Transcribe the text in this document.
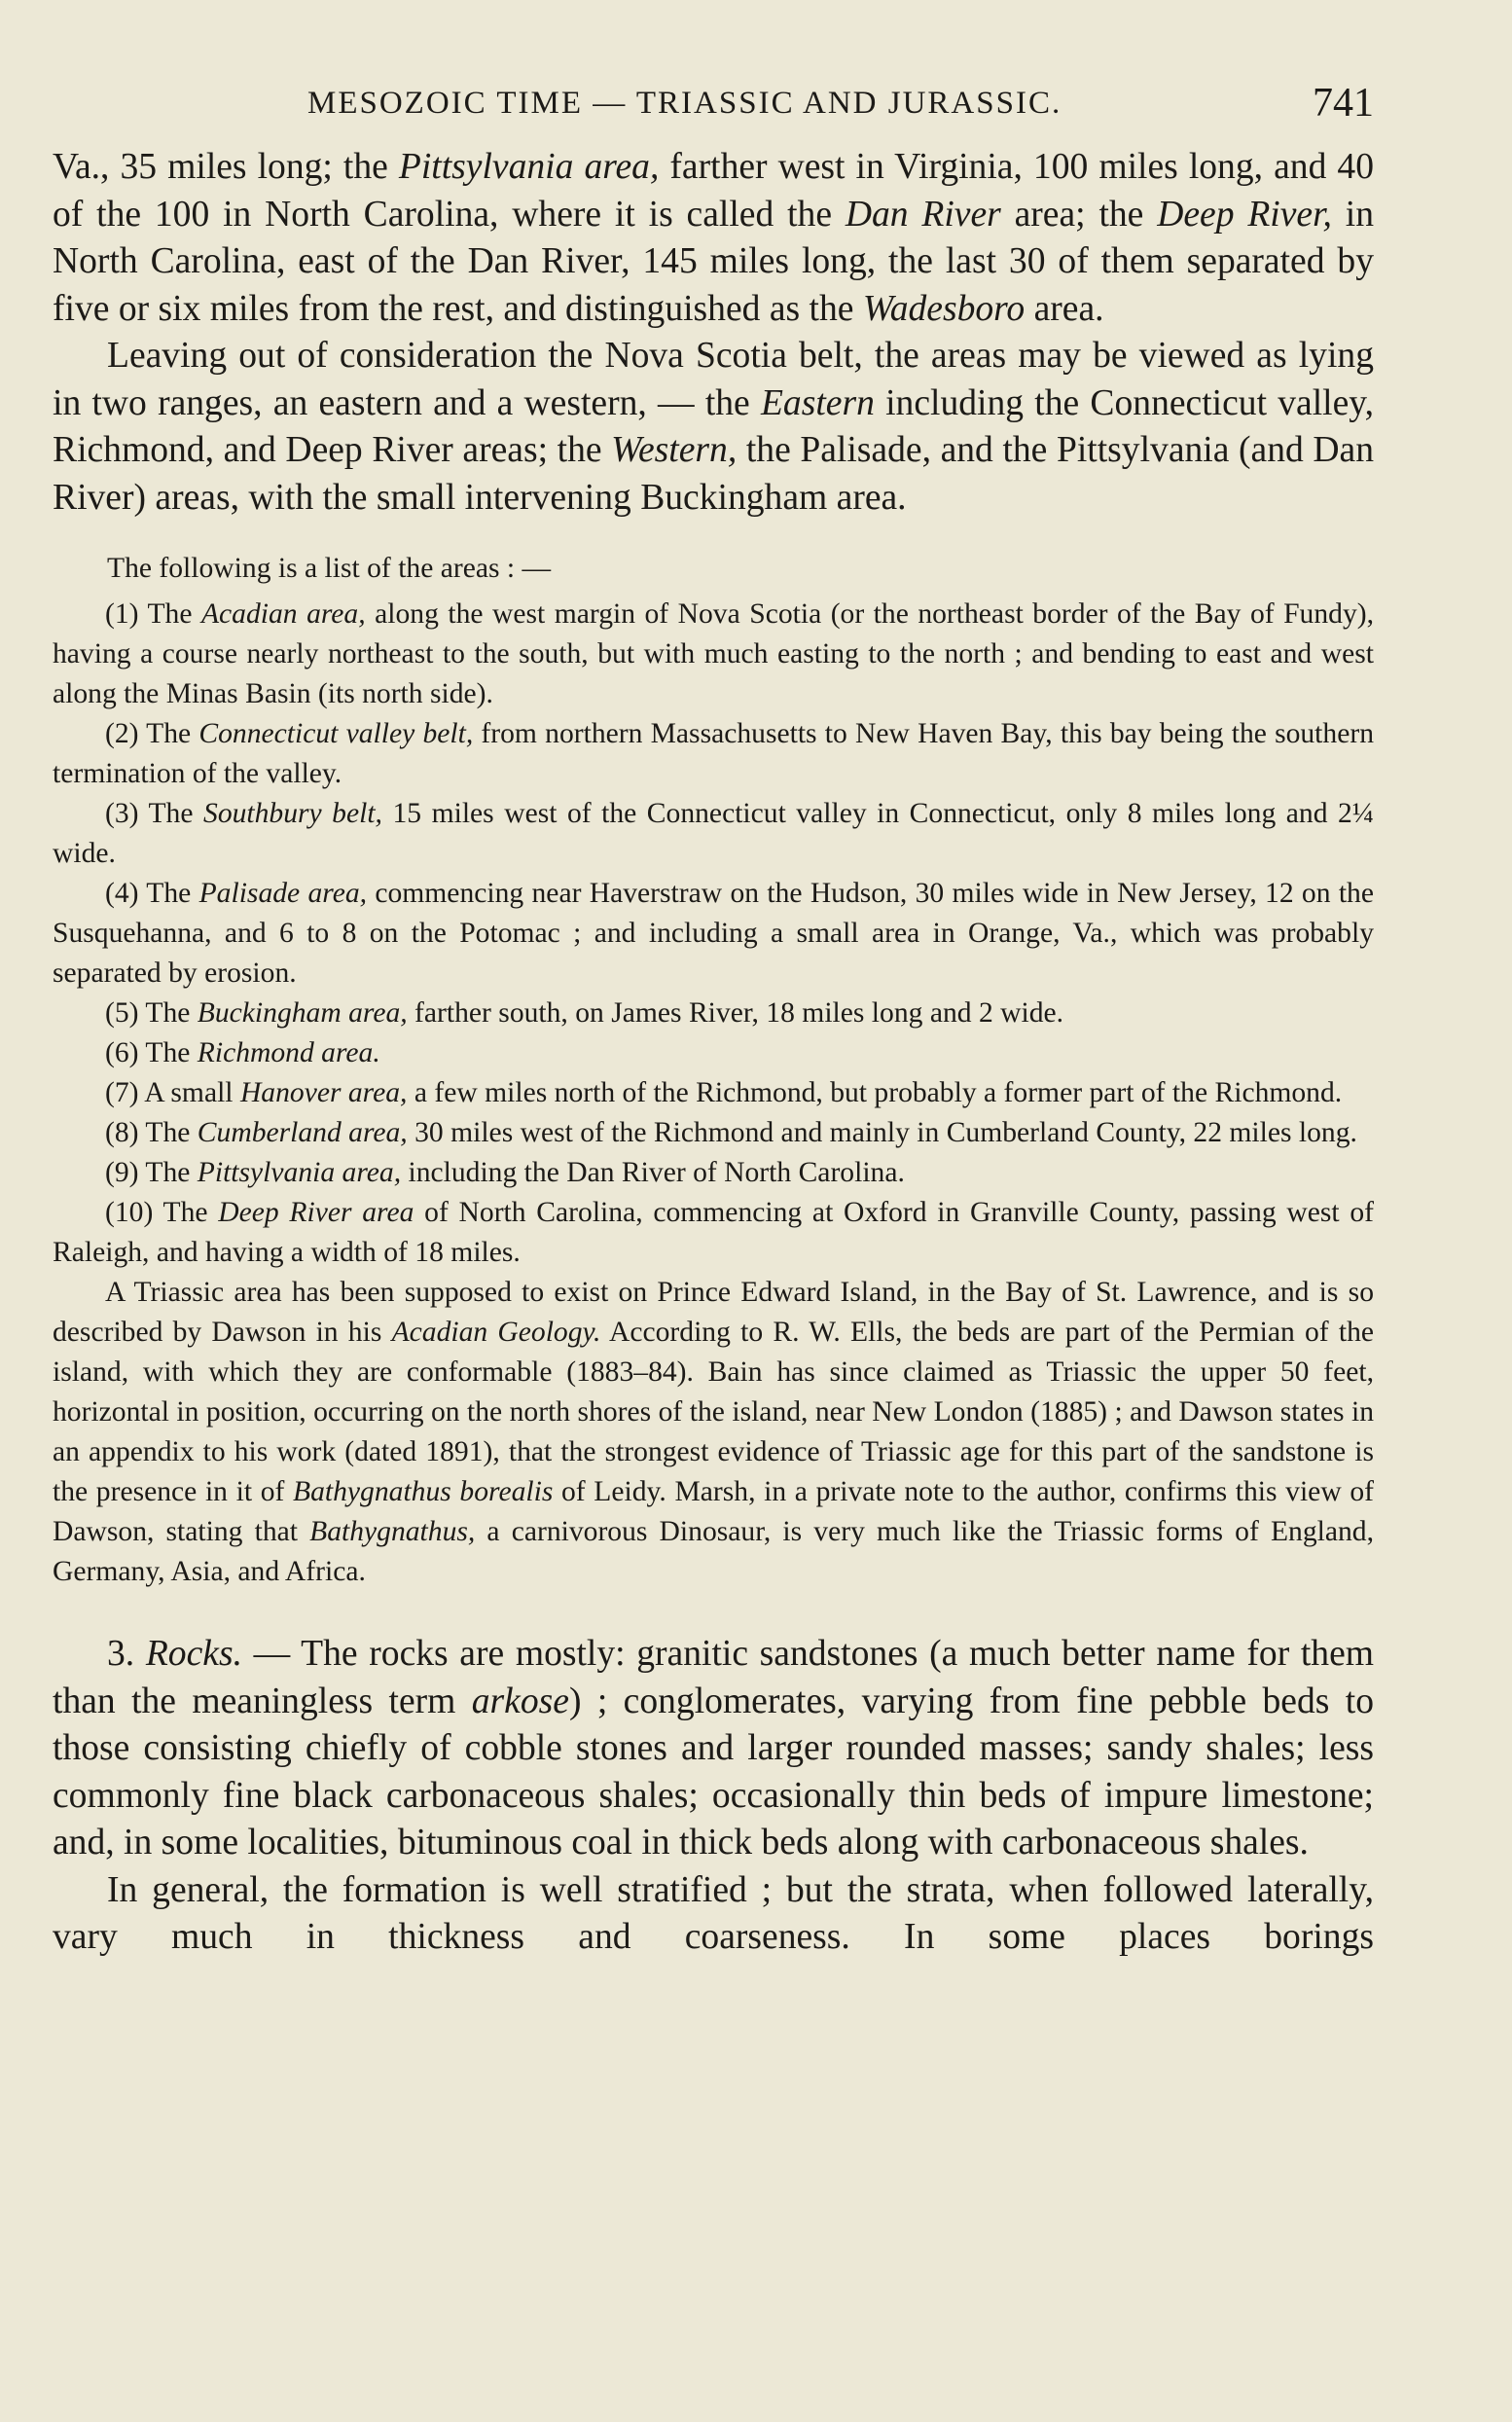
MESOZOIC TIME — TRIASSIC AND JURASSIC.	741

Va., 35 miles long; the Pittsylvania area, farther west in Virginia, 100 miles long, and 40 of the 100 in North Carolina, where it is called the Dan River area; the Deep River, in North Carolina, east of the Dan River, 145 miles long, the last 30 of them separated by five or six miles from the rest, and distinguished as the Wadesboro area.

Leaving out of consideration the Nova Scotia belt, the areas may be viewed as lying in two ranges, an eastern and a western, — the Eastern including the Connecticut valley, Richmond, and Deep River areas; the Western, the Palisade, and the Pittsylvania (and Dan River) areas, with the small intervening Buckingham area.

The following is a list of the areas : —

(1) The Acadian area, along the west margin of Nova Scotia (or the northeast border of the Bay of Fundy), having a course nearly northeast to the south, but with much easting to the north ; and bending to east and west along the Minas Basin (its north side).

(2) The Connecticut valley belt, from northern Massachusetts to New Haven Bay, this bay being the southern termination of the valley.

(3) The Southbury belt, 15 miles west of the Connecticut valley in Connecticut, only 8 miles long and 2¼ wide.

(4) The Palisade area, commencing near Haverstraw on the Hudson, 30 miles wide in New Jersey, 12 on the Susquehanna, and 6 to 8 on the Potomac ; and including a small area in Orange, Va., which was probably separated by erosion.

(5) The Buckingham area, farther south, on James River, 18 miles long and 2 wide.

(6) The Richmond area.

(7) A small Hanover area, a few miles north of the Richmond, but probably a former part of the Richmond.

(8) The Cumberland area, 30 miles west of the Richmond and mainly in Cumberland County, 22 miles long.

(9) The Pittsylvania area, including the Dan River of North Carolina.

(10) The Deep River area of North Carolina, commencing at Oxford in Granville County, passing west of Raleigh, and having a width of 18 miles.

A Triassic area has been supposed to exist on Prince Edward Island, in the Bay of St. Lawrence, and is so described by Dawson in his Acadian Geology. According to R. W. Ells, the beds are part of the Permian of the island, with which they are conformable (1883–84). Bain has since claimed as Triassic the upper 50 feet, horizontal in position, occurring on the north shores of the island, near New London (1885) ; and Dawson states in an appendix to his work (dated 1891), that the strongest evidence of Triassic age for this part of the sandstone is the presence in it of Bathygnathus borealis of Leidy. Marsh, in a private note to the author, confirms this view of Dawson, stating that Bathygnathus, a carnivorous Dinosaur, is very much like the Triassic forms of England, Germany, Asia, and Africa.

3. Rocks. — The rocks are mostly: granitic sandstones (a much better name for them than the meaningless term arkose) ; conglomerates, varying from fine pebble beds to those consisting chiefly of cobble stones and larger rounded masses; sandy shales; less commonly fine black carbonaceous shales; occasionally thin beds of impure limestone; and, in some localities, bituminous coal in thick beds along with carbonaceous shales.

In general, the formation is well stratified ; but the strata, when followed laterally, vary much in thickness and coarseness. In some places borings
